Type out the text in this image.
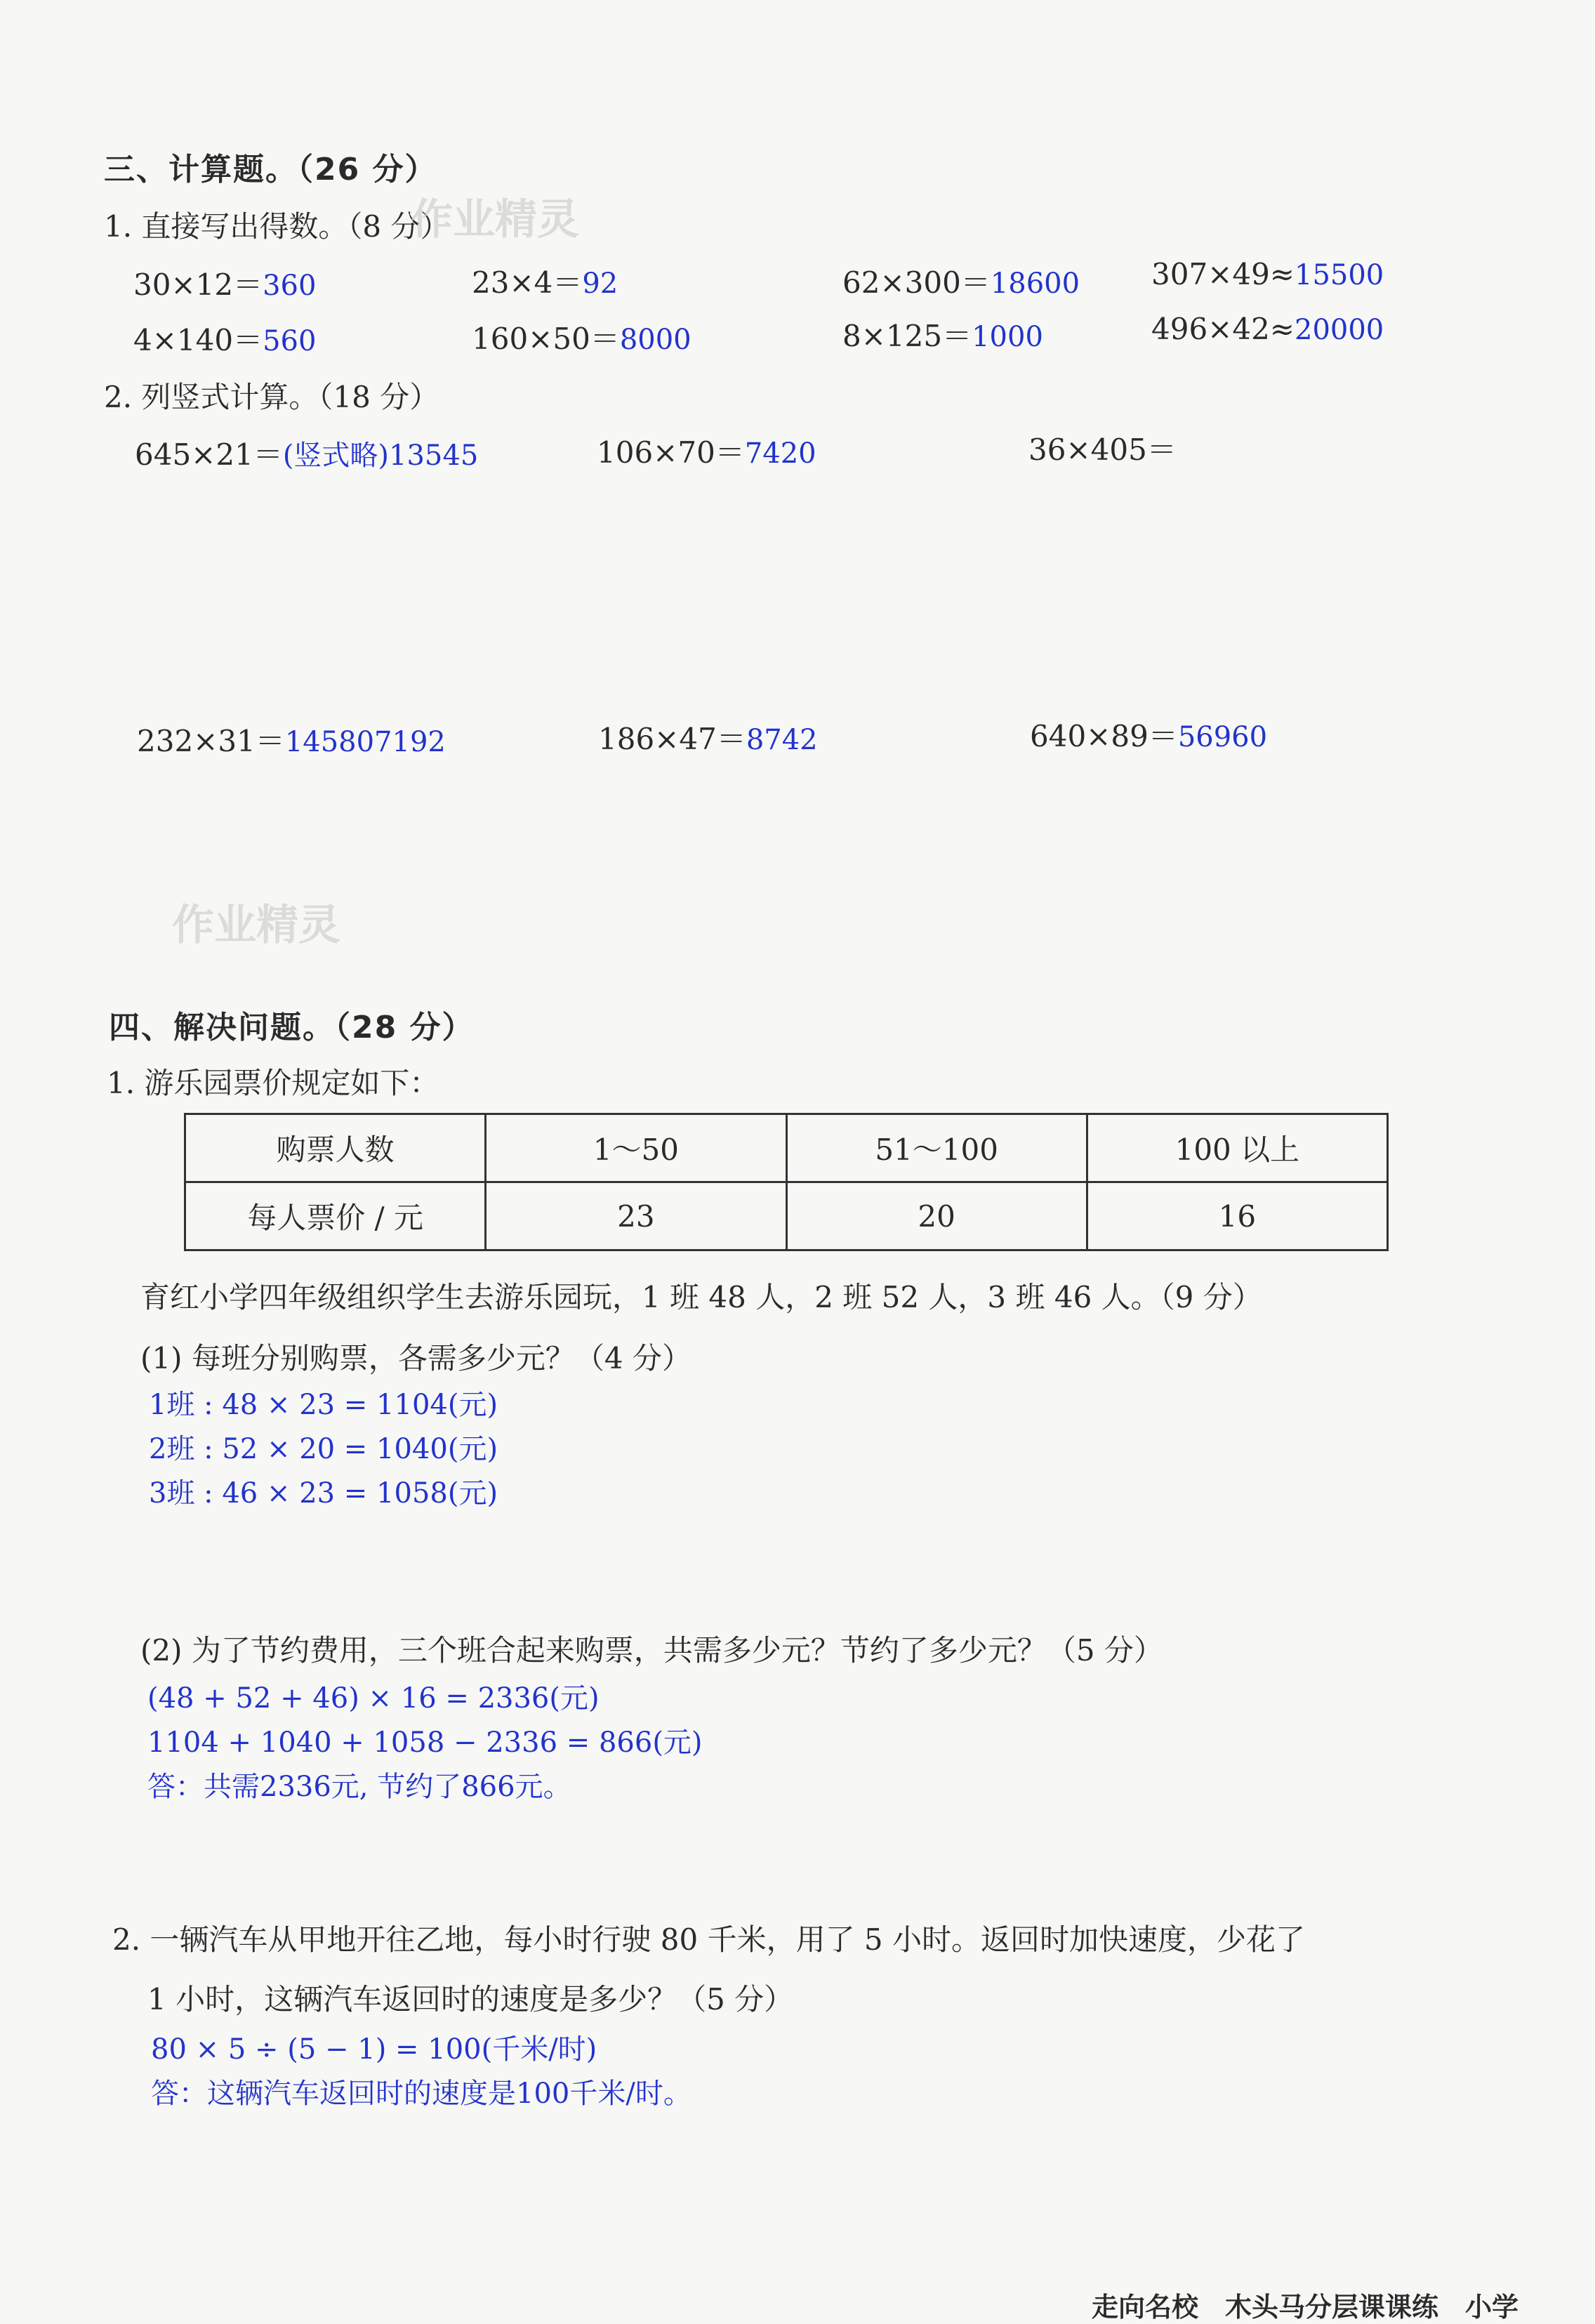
三、计算题。（26 分）
1. 直接写出得数。（8 分）
作业精灵
30×12＝360	23×4＝92	62×300＝18600 307×49≈15500
4×140＝560	160×50＝8000	8×125＝1000	496×42≈20000
2. 列竖式计算。（18 分）
645×21＝(竖式略)13545	106×70＝7420	36×405＝
232×31＝145807192	186×47＝8742	640×89＝56960
作业精灵
四、解决问题。（28 分）
1. 游乐园票价规定如下：
购票人数	1～50	51～100	100 以上
每人票价 / 元	23	20	16
育红小学四年级组织学生去游乐园玩，1 班 48 人，2 班 52 人，3 班 46 人。（9 分）
(1) 每班分别购票，各需多少元？（4 分）
1班 : 48 × 23 = 1104(元)
2班 : 52 × 20 = 1040(元)
3班 : 46 × 23 = 1058(元)
(2) 为了节约费用，三个班合起来购票，共需多少元？节约了多少元？（5 分）
(48 + 52 + 46) × 16 = 2336(元)
1104 + 1040 + 1058 − 2336 = 866(元)
答：共需2336元, 节约了866元。
2. 一辆汽车从甲地开往乙地，每小时行驶 80 千米，用了 5 小时。返回时加快速度，少花了
1 小时，这辆汽车返回时的速度是多少？（5 分）
80 × 5 ÷ (5 − 1) = 100(千米/时)
答：这辆汽车返回时的速度是100千米/时。
走向名校　木头马分层课课练　小学
